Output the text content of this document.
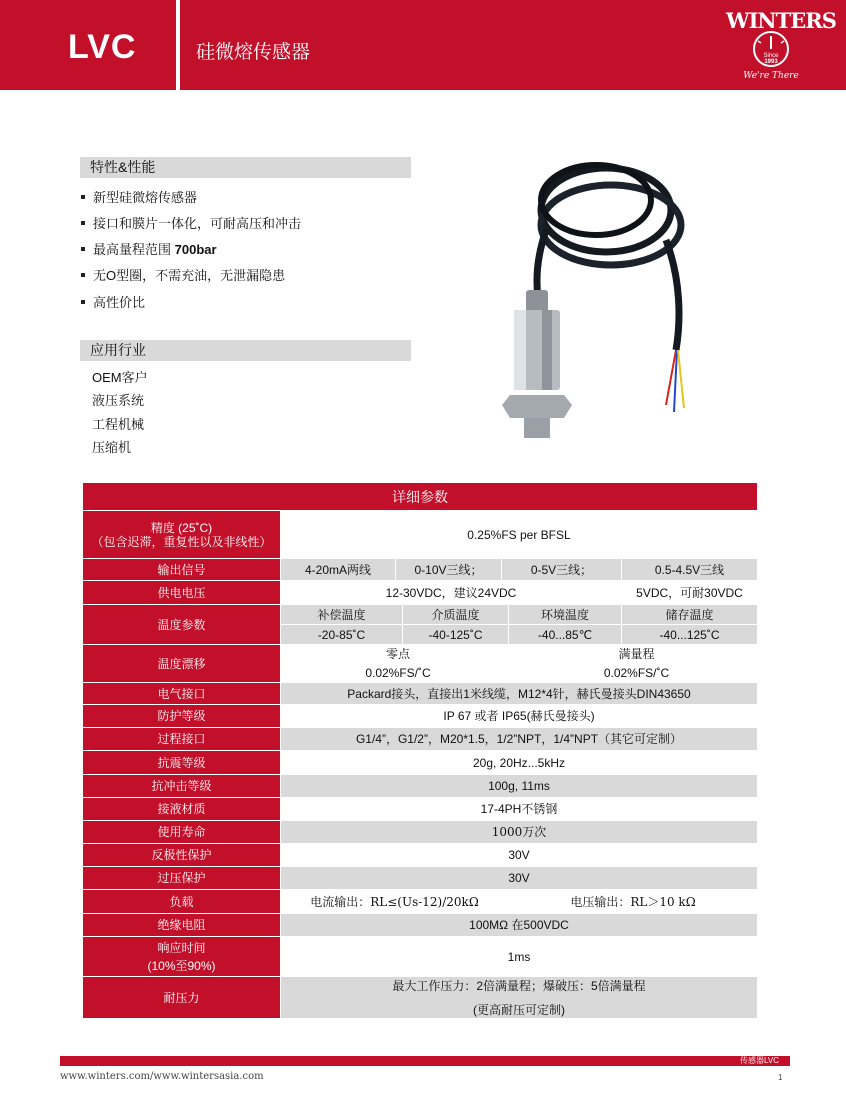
LVC	硅微熔传感器
WINTERS
Since
1993
We're There
特性&性能
新型硅微熔传感器
接口和膜片一体化，可耐高压和冲击
最高量程范围 700bar
无O型圈，不需充油，无泄漏隐患
高性价比
应用行业
OEM客户
液压系统
工程机械
压缩机
详细参数							

精度 (25˚C)
（包含迟滞，重复性以及非线性）	0.25%FS per BFSL						
输出信号	4-20mA两线	0-10V三线；		0-5V三线；			0.5-4.5V三线
供电电压	12-30VDC，建议24VDC						5VDC，可耐30VDC
温度参数	补偿温度		介质温度		环境温度		储存温度
	-20-85˚C		-40-125˚C		-40...85℃		-40...125˚C
温度漂移	零点					满量程	
	0.02%FS/˚C					0.02%FS/˚C	
电气接口	Packard接头，直接出1米线缆，M12*4针，赫氏曼接头DIN43650						
防护等级	IP 67 或者 IP65(赫氏曼接头)						
过程接口	G1/4”，G1/2”，M20*1.5，1/2”NPT，1/4”NPT（其它可定制）						
抗震等级	20g, 20Hz...5kHz						
抗冲击等级	100g, 11ms						
接液材质	17-4PH不锈钢						
使用寿命	1000万次						
反极性保护	30V						
过压保护	30V						
负载	电流输出：RL≤(Us-12)/20kΩ				电压输出：RL＞10 kΩ		
绝缘电阻	100MΩ 在500VDC						

响应时间
(10%至90%)	1ms						
耐压力	最大工作压力：2倍满量程；爆破压：5倍满量程
(更高耐压可定制)						
传感器LVC
www.winters.com/www.wintersasia.com	1
